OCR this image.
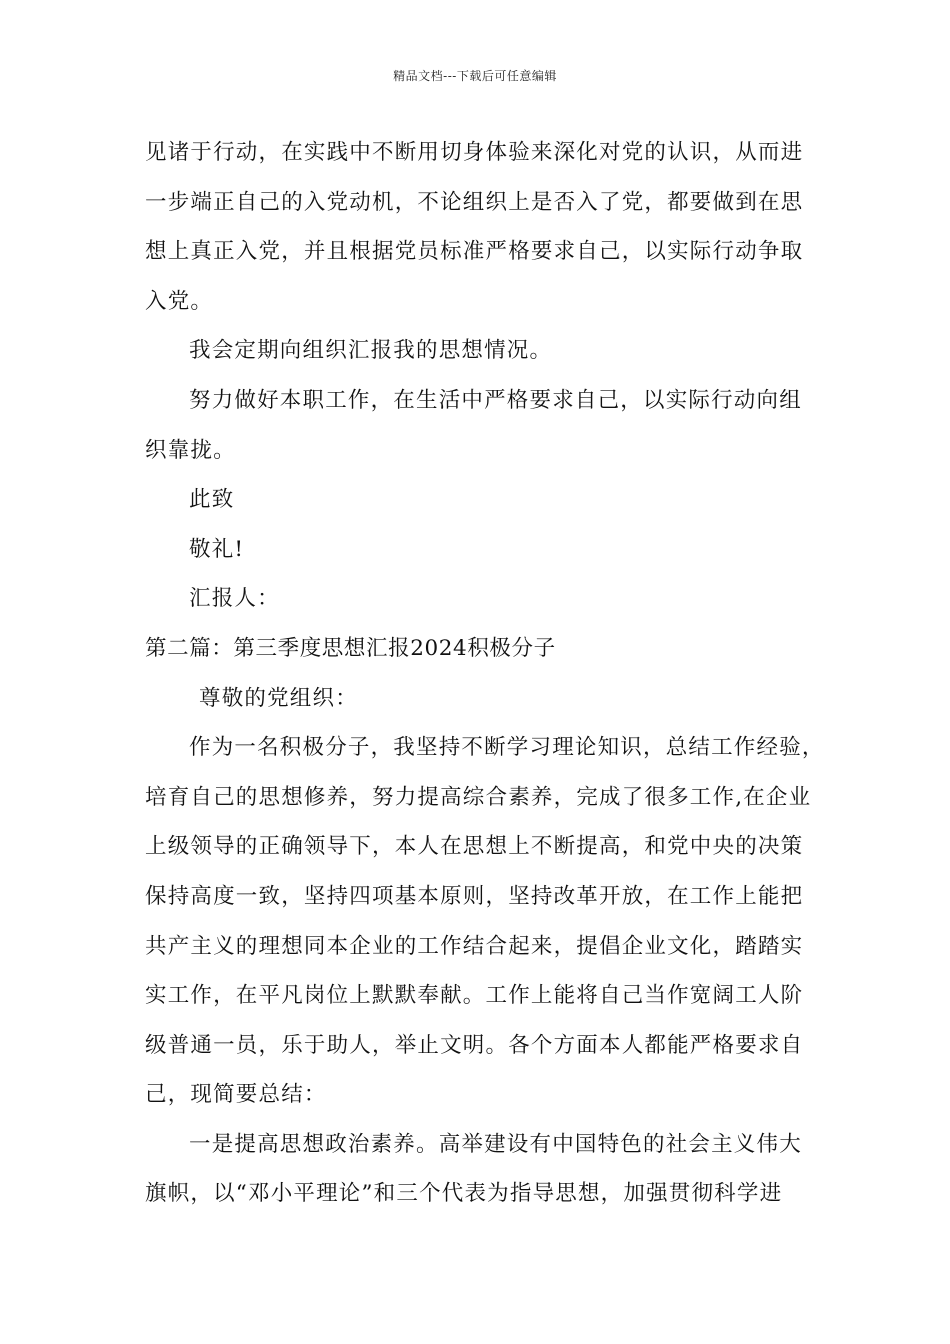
精品文档---下载后可任意编辑

见诸于行动，在实践中不断用切身体验来深化对党的认识，从而进

一步端正自己的入党动机，不论组织上是否入了党，都要做到在思

想上真正入党，并且根据党员标准严格要求自己，以实际行动争取

入党。

我会定期向组织汇报我的思想情况。

努力做好本职工作，在生活中严格要求自己，以实际行动向组

织靠拢。

此致

敬礼!

汇报人：

第二篇：第三季度思想汇报2024积极分子

尊敬的党组织：

作为一名积极分子，我坚持不断学习理论知识，总结工作经验，

培育自己的思想修养，努力提高综合素养，完成了很多工作,在企业

上级领导的正确领导下，本人在思想上不断提高，和党中央的决策

保持高度一致，坚持四项基本原则，坚持改革开放，在工作上能把

共产主义的理想同本企业的工作结合起来，提倡企业文化，踏踏实

实工作，在平凡岗位上默默奉献。工作上能将自己当作宽阔工人阶

级普通一员，乐于助人，举止文明。各个方面本人都能严格要求自

己，现简要总结：

一是提高思想政治素养。高举建设有中国特色的社会主义伟大

旗帜，以“邓小平理论”和三个代表为指导思想，加强贯彻科学进
